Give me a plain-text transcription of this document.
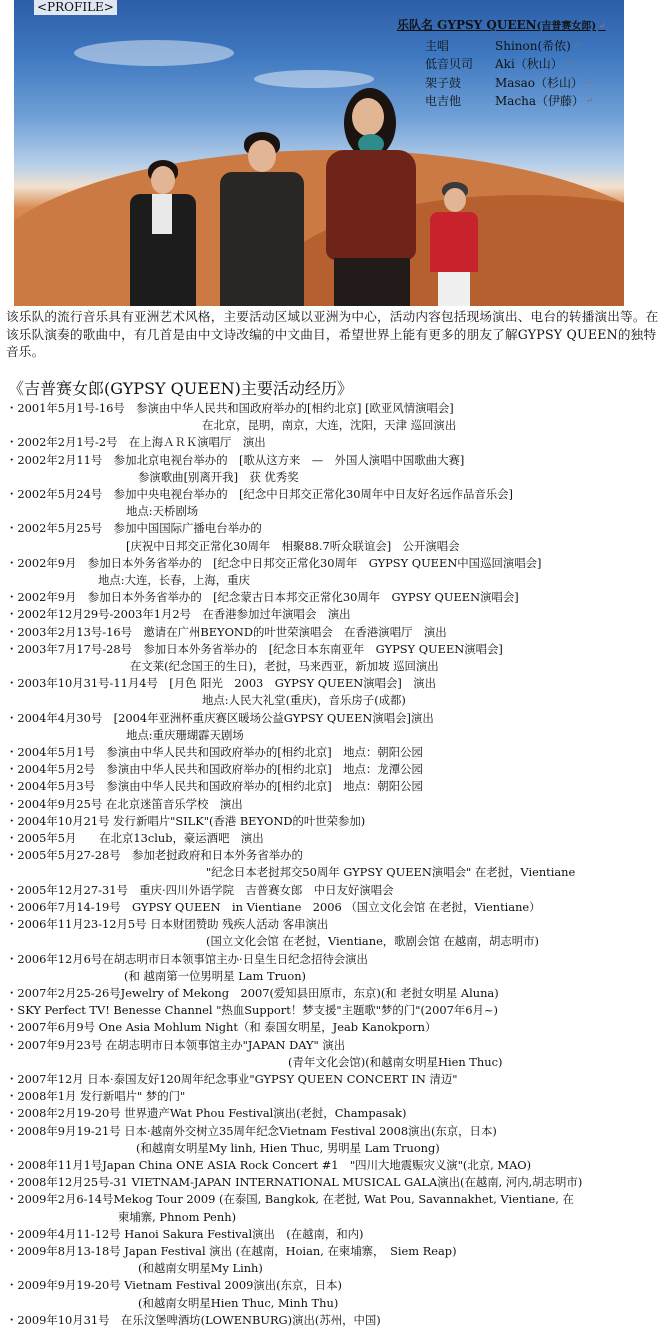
<PROFILE>
乐队名 GYPSY QUEEN(吉普赛女郎) ↵
主唱	Shinon(希侬) ↵
低音贝司	Aki（秋山） ↵
架子鼓	Masao（杉山） ↵
电吉他	Macha（伊藤） ↵
该乐队的流行音乐具有亚洲艺术风格，主要活动区域以亚洲为中心，活动内容包括现场演出、电台的转播演出等。在该乐队演奏的歌曲中，有几首是由中文诗改编的中文曲目，希望世界上能有更多的朋友了解GYPSY QUEEN的独特音乐。
《吉普赛女郎(GYPSY QUEEN)主要活动经历》
・2001年5月1号-16号　参演由中华人民共和国政府举办的[相约北京] [欧亚风情演唱会]
在北京，昆明，南京，大连，沈阳，天津 巡回演出
・2002年2月1号-2号　在上海ＡＲＫ演唱厅　演出
・2002年2月11号　参加北京电视台举办的　[歌从这方来　—　外国人演唱中国歌曲大赛]
参演歌曲[别离开我]　获 优秀奖
・2002年5月24号　参加中央电视台举办的　[纪念中日邦交正常化30周年中日友好名远作品音乐会]
地点:天桥剧场
・2002年5月25号　参加中国国际广播电台举办的
[庆祝中日邦交正常化30周年　相聚88.7听众联谊会]　公开演唱会
・2002年9月　参加日本外务省举办的　[纪念中日邦交正常化30周年　GYPSY QUEEN中国巡回演唱会]
地点:大连，长春，上海，重庆
・2002年9月　参加日本外务省举办的　[纪念蒙古日本邦交正常化30周年　GYPSY QUEEN演唱会]
・2002年12月29号-2003年1月2号　在香港参加过年演唱会　演出
・2003年2月13号-16号　邀请在广州BEYOND的叶世荣演唱会　在香港演唱厅　演出
・2003年7月17号-28号　参加日本外务省举办的　[纪念日本东南亚年　GYPSY QUEEN演唱会]
在文莱(纪念国王的生日)，老挝，马来西亚，新加坡 巡回演出
・2003年10月31号-11月4号　[月色 阳光　2003　GYPSY QUEEN演唱会]　演出
地点:人民大礼堂(重庆)，音乐房子(成都)
・2004年4月30号　[2004年亚洲杯重庆赛区暖场公益GYPSY QUEEN演唱会]演出
地点:重庆珊瑚霹天剧场
・2004年5月1号　参演由中华人民共和国政府举办的[相约北京]　地点：朝阳公园
・2004年5月2号　参演由中华人民共和国政府举办的[相约北京]　地点：龙潭公园
・2004年5月3号　参演由中华人民共和国政府举办的[相约北京]　地点：朝阳公园
・2004年9月25号 在北京迷笛音乐学校　演出
・2004年10月21号 发行新唱片"SILK"(香港 BEYOND的叶世荣参加)
・2005年5月　　在北京13club，豪运酒吧　演出
・2005年5月27-28号　参加老挝政府和日本外务省举办的
"纪念日本老挝邦交50周年 GYPSY QUEEN演唱会" 在老挝，Vientiane
・2005年12月27-31号　重庆·四川外语学院　吉普赛女郎　中日友好演唱会
・2006年7月14-19号　GYPSY QUEEN　in Vientiane　2006 （国立文化会馆 在老挝，Vientiane）
・2006年11月23-12月5号 日本财团赞助 残疾人活动 客串演出
(国立文化会馆 在老挝，Vientiane，歌剧会馆 在越南，胡志明市)
・2006年12月6号在胡志明市日本领事馆主办·日皇生日纪念招待会演出
(和 越南第一位男明星 Lam Truon)
・2007年2月25-26号Jewelry of Mekong　2007(爱知县田原市，东京)(和 老挝女明星 Aluna)
・SKY Perfect TV! Benesse Channel "热血Support！梦支援"主题歌"梦的门"(2007年6月~)
・2007年6月9号 One Asia Mohlum Night（和 泰国女明星，Jeab Kanokporn）
・2007年9月23号 在胡志明市日本领事馆主办"JAPAN DAY" 演出
(青年文化会馆)(和越南女明星Hien Thuc)
・2007年12月 日本·泰国友好120周年纪念事业"GYPSY QUEEN CONCERT IN 清迈"
・2008年1月 发行新唱片" 梦的门"
・2008年2月19-20号 世界遗产Wat Phou Festival演出(老挝，Champasak)
・2008年9月19-21号 日本·越南外交树立35周年纪念Vietnam Festival 2008演出(东京，日本)
(和越南女明星My linh, Hien Thuc, 男明星 Lam Truong)
・2008年11月1号Japan China ONE ASIA Rock Concert #1　"四川大地震赈灾义演"(北京, MAO)
・2008年12月25号-31 VIETNAM-JAPAN INTERNATIONAL MUSICAL GALA演出(在越南, 河内,胡志明市)
・2009年2月6-14号Mekog Tour 2009 (在泰国, Bangkok, 在老挝, Wat Pou, Savannakhet, Vientiane, 在
柬埔寨, Phnom Penh)
・2009年4月11-12号 Hanoi Sakura Festival演出　(在越南，和内)
・2009年8月13-18号 Japan Festival 演出 (在越南，Hoian, 在柬埔寨，　Siem Reap)
(和越南女明星My Linh)
・2009年9月19-20号 Vietnam Festival 2009演出(东京，日本)
(和越南女明星Hien Thuc, Minh Thu)
・2009年10月31号　在乐汶堡啤酒坊(LOWENBURG)演出(苏州，中国)
